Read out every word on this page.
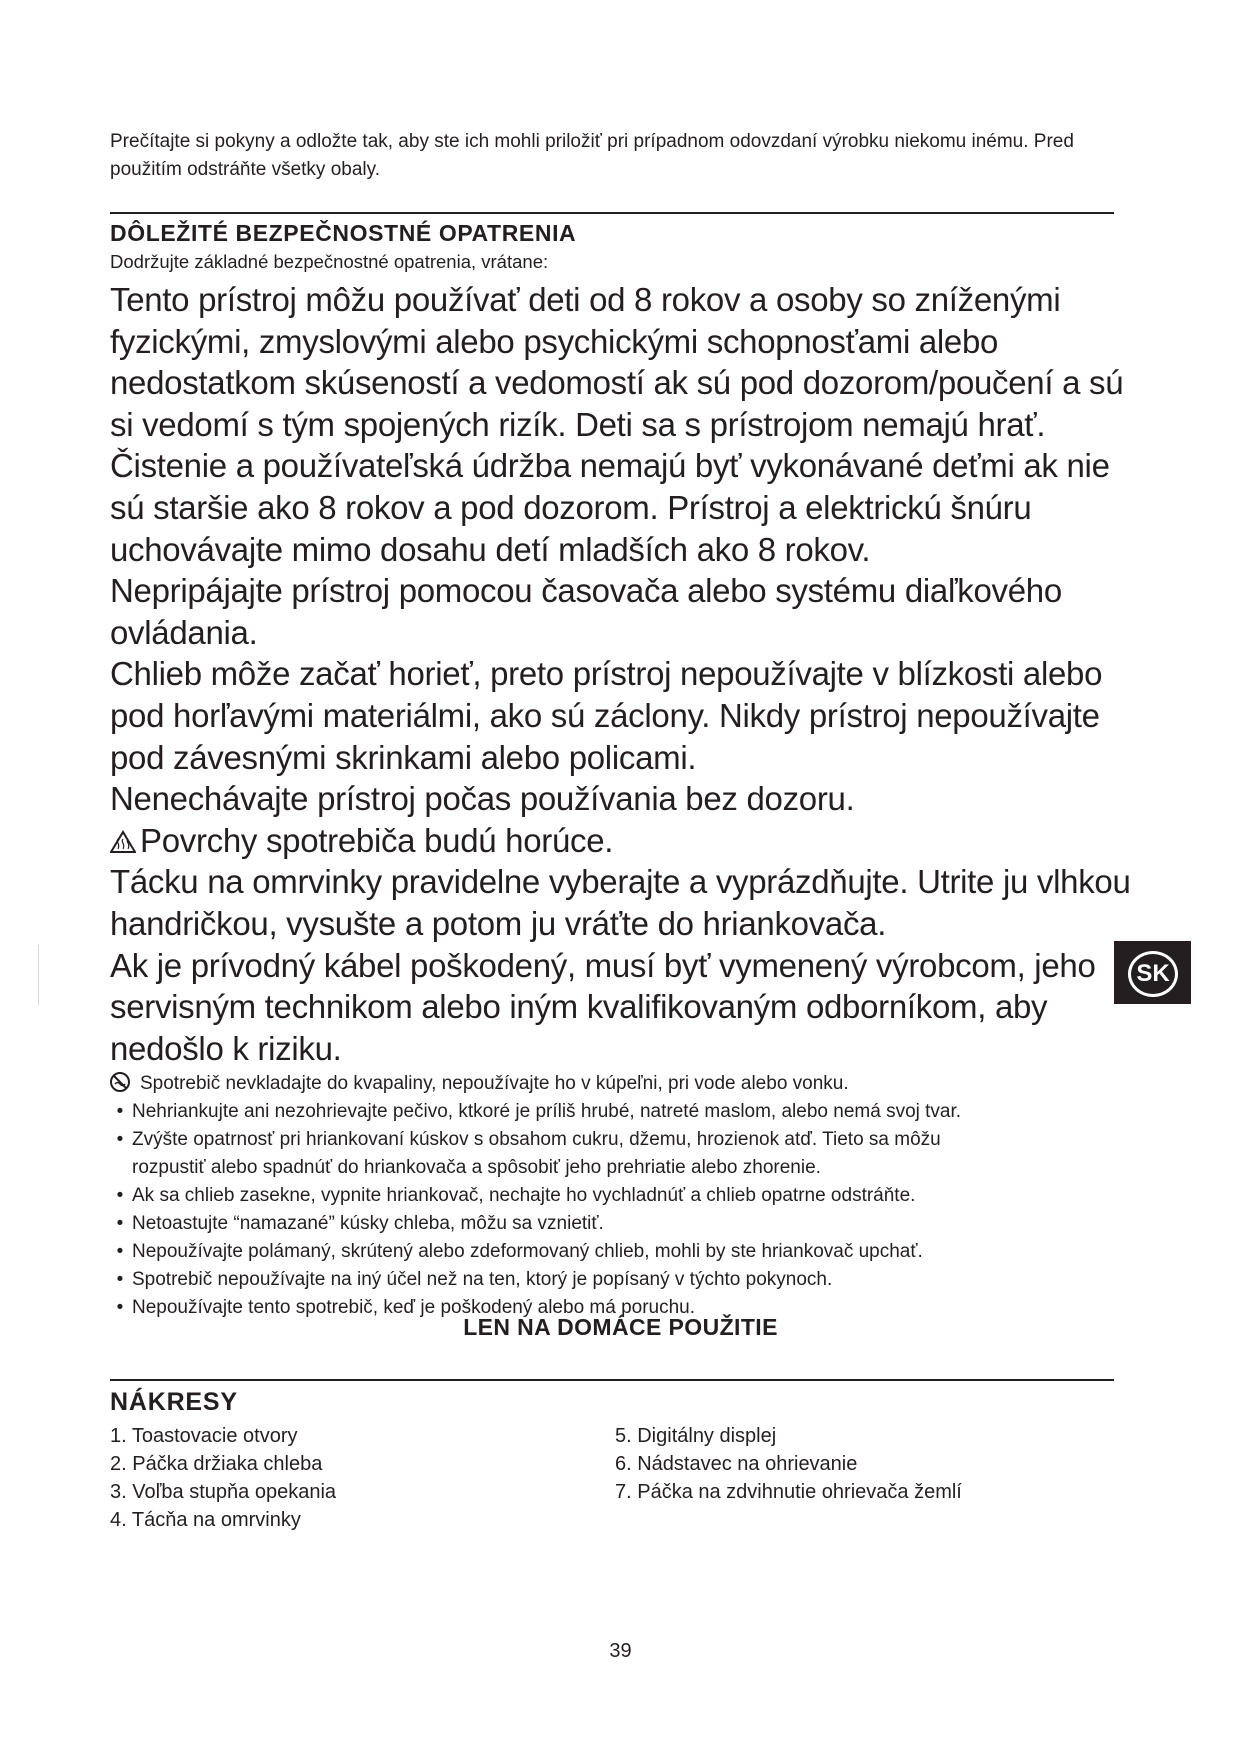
Prečítajte si pokyny a odložte tak, aby ste ich mohli priložiť pri prípadnom odovzdaní výrobku niekomu inému. Pred použitím odstráňte všetky obaly.
DÔLEŽITÉ BEZPEČNOSTNÉ OPATRENIA
Dodržujte základné bezpečnostné opatrenia, vrátane:

Tento prístroj môžu používať deti od 8 rokov a osoby so zníženými fyzickými, zmyslovými alebo psychickými schopnosťami alebo nedostatkom skúseností a vedomostí ak sú pod dozorom/poučení a sú si vedomí s tým spojených rizík. Deti sa s prístrojom nemajú hrať. Čistenie a používateľská údržba nemajú byť vykonávané deťmi ak nie sú staršie ako 8 rokov a pod dozorom. Prístroj a elektrickú šnúru uchovávajte mimo dosahu detí mladších ako 8 rokov.

Nepripájajte prístroj pomocou časovača alebo systému diaľkového ovládania.

Chlieb môže začať horieť, preto prístroj nepoužívajte v blízkosti alebo pod horľavými materiálmi, ako sú záclony. Nikdy prístroj nepoužívajte pod závesnými skrinkami alebo policami.

Nenechávajte prístroj počas používania bez dozoru.

Povrchy spotrebiča budú horúce.

Tácku na omrvinky pravidelne vyberajte a vyprázdňujte. Utrite ju vlhkou handričkou, vysušte a potom ju vráťte do hriankovača.

Ak je prívodný kábel poškodený, musí byť vymenený výrobcom, jeho servisným technikom alebo iným kvalifikovaným odborníkom, aby nedošlo k riziku.

Spotrebič nevkladajte do kvapaliny, nepoužívajte ho v kúpeľni, pri vode alebo vonku.
• Nehriankujte ani nezohrievajte pečivo, ktkoré je príliš hrubé, natreté maslom, alebo nemá svoj tvar.
• Zvýšte opatrnosť pri hriankovaní kúskov s obsahom cukru, džemu, hrozienok atď. Tieto sa môžu rozpustiť alebo spadnúť do hriankovača a spôsobiť jeho prehriatie alebo zhorenie.
• Ak sa chlieb zasekne, vypnite hriankovač, nechajte ho vychladnúť a chlieb opatrne odstráňte.
• Netoastujte “namazané” kúsky chleba, môžu sa vznietiť.
• Nepoužívajte polámaný, skrútený alebo zdeformovaný chlieb, mohli by ste hriankovač upchať.
• Spotrebič nepoužívajte na iný účel než na ten, ktorý je popísaný v týchto pokynoch.
• Nepoužívajte tento spotrebič, keď je poškodený alebo má poruchu.
LEN NA DOMÁCE POUŽITIE
NÁKRESY
1. Toastovacie otvory
2. Páčka držiaka chleba
3. Voľba stupňa opekania
4. Tácňa na omrvinky
5. Digitálny displej
6. Nádstavec na ohrievanie
7. Páčka na zdvihnutie ohrievača žemlí
39
SK
